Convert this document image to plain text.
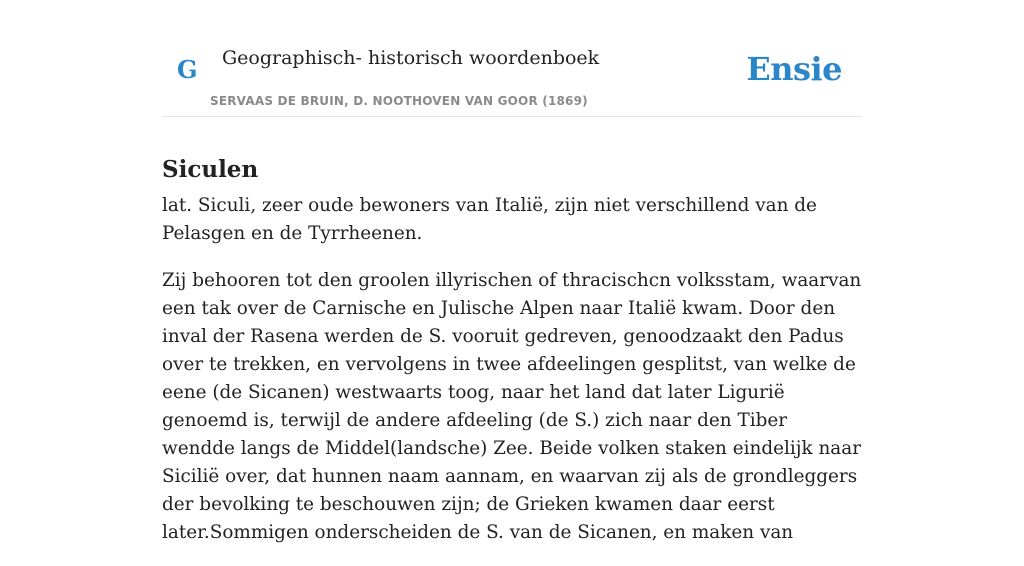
G Geographisch- historisch woordenboek
SERVAAS DE BRUIN, D. NOOTHOVEN VAN GOOR (1869)
Ensie
Siculen

lat. Siculi, zeer oude bewoners van Italië, zijn niet verschillend van de Pelasgen en de Tyrrheenen.

Zij behooren tot den groolen illyrischen of thracischcn volksstam, waarvan een tak over de Carnische en Julische Alpen naar Italië kwam. Door den inval der Rasena werden de S. vooruit gedreven, genoodzaakt den Padus over te trekken, en vervolgens in twee afdeelingen gesplitst, van welke de eene (de Sicanen) westwaarts toog, naar het land dat later Ligurië genoemd is, terwijl de andere afdeeling (de S.) zich naar den Tiber wendde langs de Middel(landsche) Zee. Beide volken staken eindelijk naar Sicilië over, dat hunnen naam aannam, en waarvan zij als de grondleggers der bevolking te beschouwen zijn; de Grieken kwamen daar eerst later.Sommigen onderscheiden de S. van de Sicanen, en maken van
